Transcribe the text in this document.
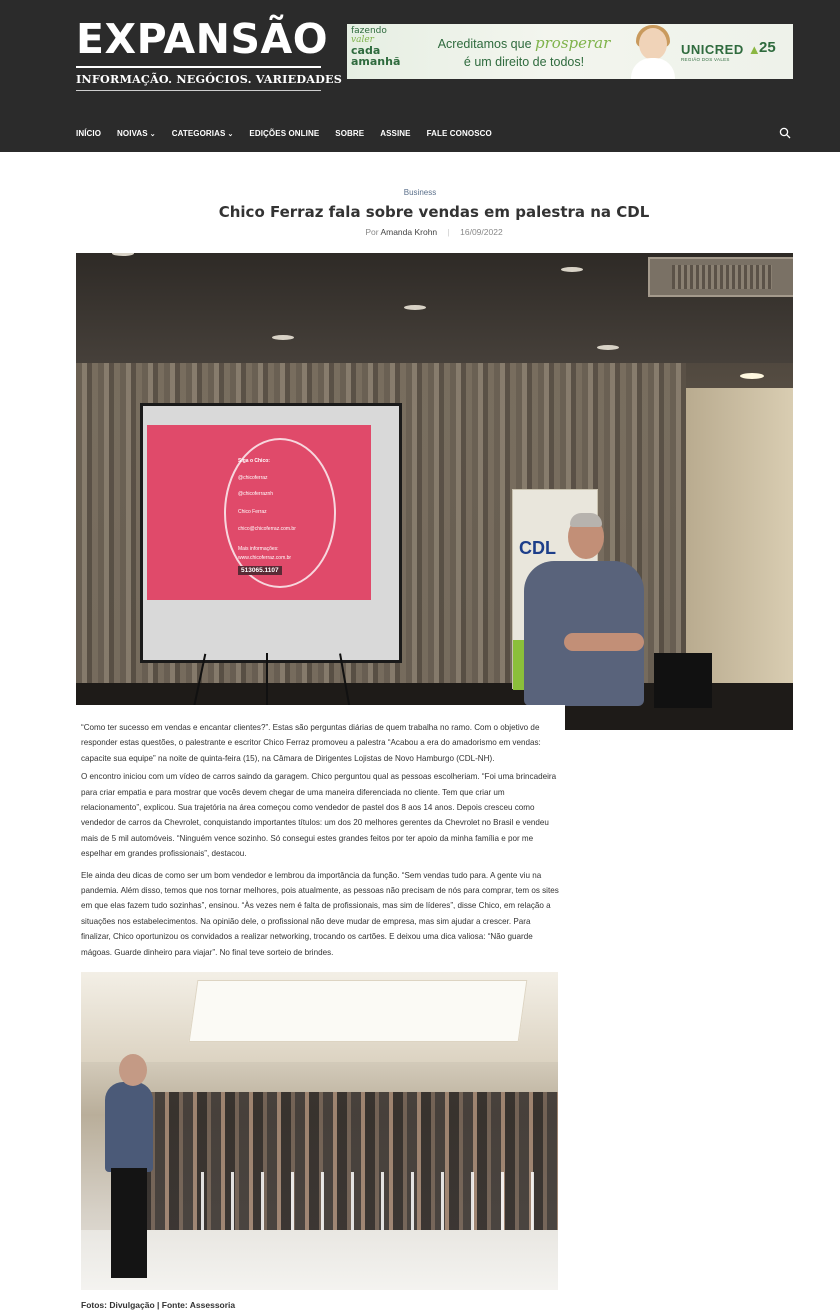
EXPANSÃO
INFORMAÇÃO. NEGÓCIOS. VARIEDADES
fazendo
valer
cada
amanhã
Acreditamos que prosperar
é um direito de todos!
UNICRED ▲
REGIÃO DOS VALES
25
INÍCIO NOIVAS ⌄ CATEGORIAS ⌄ EDIÇÕES ONLINE SOBRE ASSINE FALE CONOSCO
Business
Chico Ferraz fala sobre vendas em palestra na CDL
Por Amanda Krohn | 16/09/2022
Siga o Chico:
@chicoferraz
@chicoferraznh
Chico Ferraz
chico@chicoferraz.com.br
Mais informações:
www.chicoferraz.com.br
513065.1107
CDL

“Como ter sucesso em vendas e encantar clientes?”. Estas são perguntas diárias de quem trabalha no ramo. Com o objetivo de responder estas questões, o palestrante e escritor Chico Ferraz promoveu a palestra “Acabou a era do amadorismo em vendas: capacite sua equipe” na noite de quinta-feira (15), na Câmara de Dirigentes Lojistas de Novo Hamburgo (CDL-NH).

O encontro iniciou com um vídeo de carros saindo da garagem. Chico perguntou qual as pessoas escolheriam. “Foi uma brincadeira para criar empatia e para mostrar que vocês devem chegar de uma maneira diferenciada no cliente. Tem que criar um relacionamento”, explicou. Sua trajetória na área começou como vendedor de pastel dos 8 aos 14 anos. Depois cresceu como vendedor de carros da Chevrolet, conquistando importantes títulos: um dos 20 melhores gerentes da Chevrolet no Brasil e vendeu mais de 5 mil automóveis. “Ninguém vence sozinho. Só consegui estes grandes feitos por ter apoio da minha família e por me espelhar em grandes profissionais”, destacou.

Ele ainda deu dicas de como ser um bom vendedor e lembrou da importância da função. “Sem vendas tudo para. A gente viu na pandemia. Além disso, temos que nos tornar melhores, pois atualmente, as pessoas não precisam de nós para comprar, tem os sites em que elas fazem tudo sozinhas”, ensinou. “Às vezes nem é falta de profissionais, mas sim de líderes”, disse Chico, em relação a situações nos estabelecimentos. Na opinião dele, o profissional não deve mudar de empresa, mas sim ajudar a crescer. Para finalizar, Chico oportunizou os convidados a realizar networking, trocando os cartões. E deixou uma dica valiosa: “Não guarde mágoas. Guarde dinheiro para viajar”. No final teve sorteio de brindes.

Fotos: Divulgação | Fonte: Assessoria
